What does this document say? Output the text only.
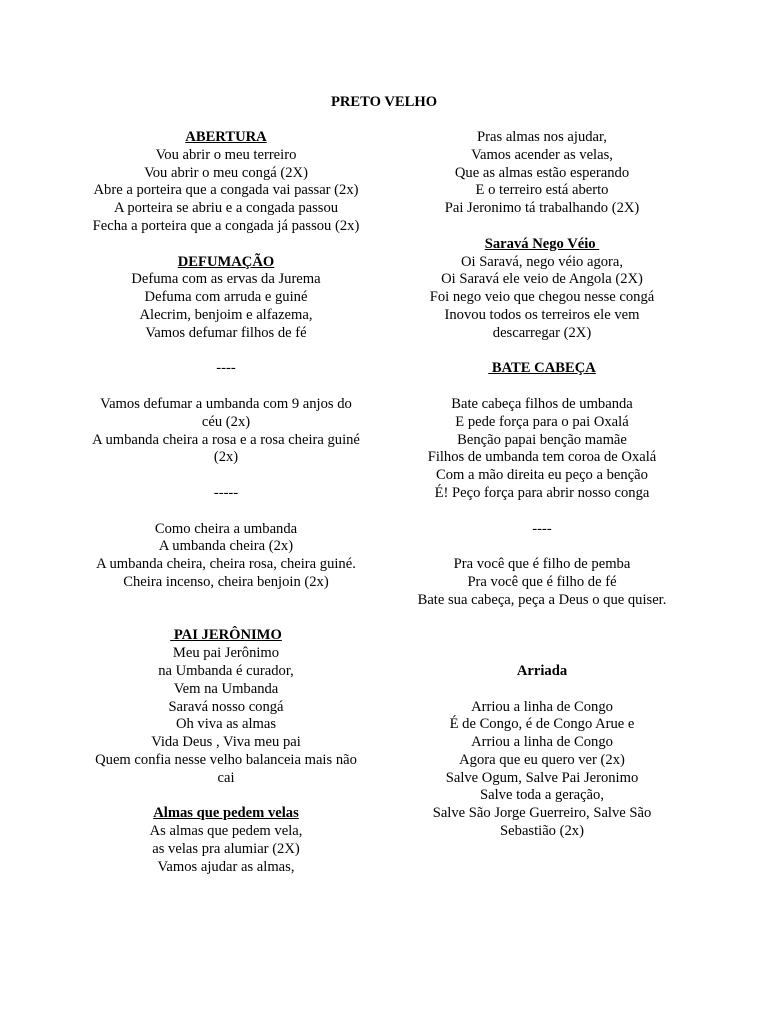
PRETO VELHO
ABERTURA
Vou abrir o meu terreiro
Vou abrir o meu congá (2X)
Abre a porteira que a congada vai passar (2x)
A porteira se abriu e a congada passou
Fecha a porteira que a congada já passou (2x)
DEFUMAÇÃO
Defuma com as ervas da Jurema
Defuma com arruda e guiné
Alecrim, benjoim e alfazema,
Vamos defumar filhos de fé
----
Vamos defumar a umbanda com 9 anjos do céu (2x)
A umbanda cheira a rosa e a rosa cheira guiné (2x)
-----
Como cheira a umbanda
A umbanda cheira (2x)
A umbanda cheira, cheira rosa, cheira guiné.
Cheira incenso, cheira benjoin (2x)
PAI JERÔNIMO
Meu pai Jerônimo
na Umbanda é curador,
Vem na Umbanda
Saravá nosso congá
Oh viva as almas
Vida Deus , Viva meu pai
Quem confia nesse velho balanceia mais não cai
Almas que pedem velas
As almas que pedem vela,
as velas pra alumiar (2X)
Vamos ajudar as almas,
Pras almas nos ajudar,
Vamos acender as velas,
Que as almas estão esperando
E o terreiro está aberto
Pai Jeronimo tá trabalhando (2X)
Saravá Nego Véio
Oi Saravá, nego véio agora,
Oi Saravá ele veio de Angola (2X)
Foi nego veio que chegou nesse congá
Inovou todos os terreiros ele vem descarregar (2X)
BATE CABEÇA
Bate cabeça filhos de umbanda
E pede força para o pai Oxalá
Benção papai benção mamãe
Filhos de umbanda tem coroa de Oxalá
Com a mão direita eu peço a benção
É! Peço força para abrir nosso conga
----
Pra você que é filho de pemba
Pra você que é filho de fé
Bate sua cabeça, peça a Deus o que quiser.
Arriada
Arriou a linha de Congo
É de Congo, é de Congo Arue e
Arriou a linha de Congo
Agora que eu quero ver (2x)
Salve Ogum, Salve Pai Jeronimo
Salve toda a geração,
Salve São Jorge Guerreiro, Salve São Sebastião (2x)
